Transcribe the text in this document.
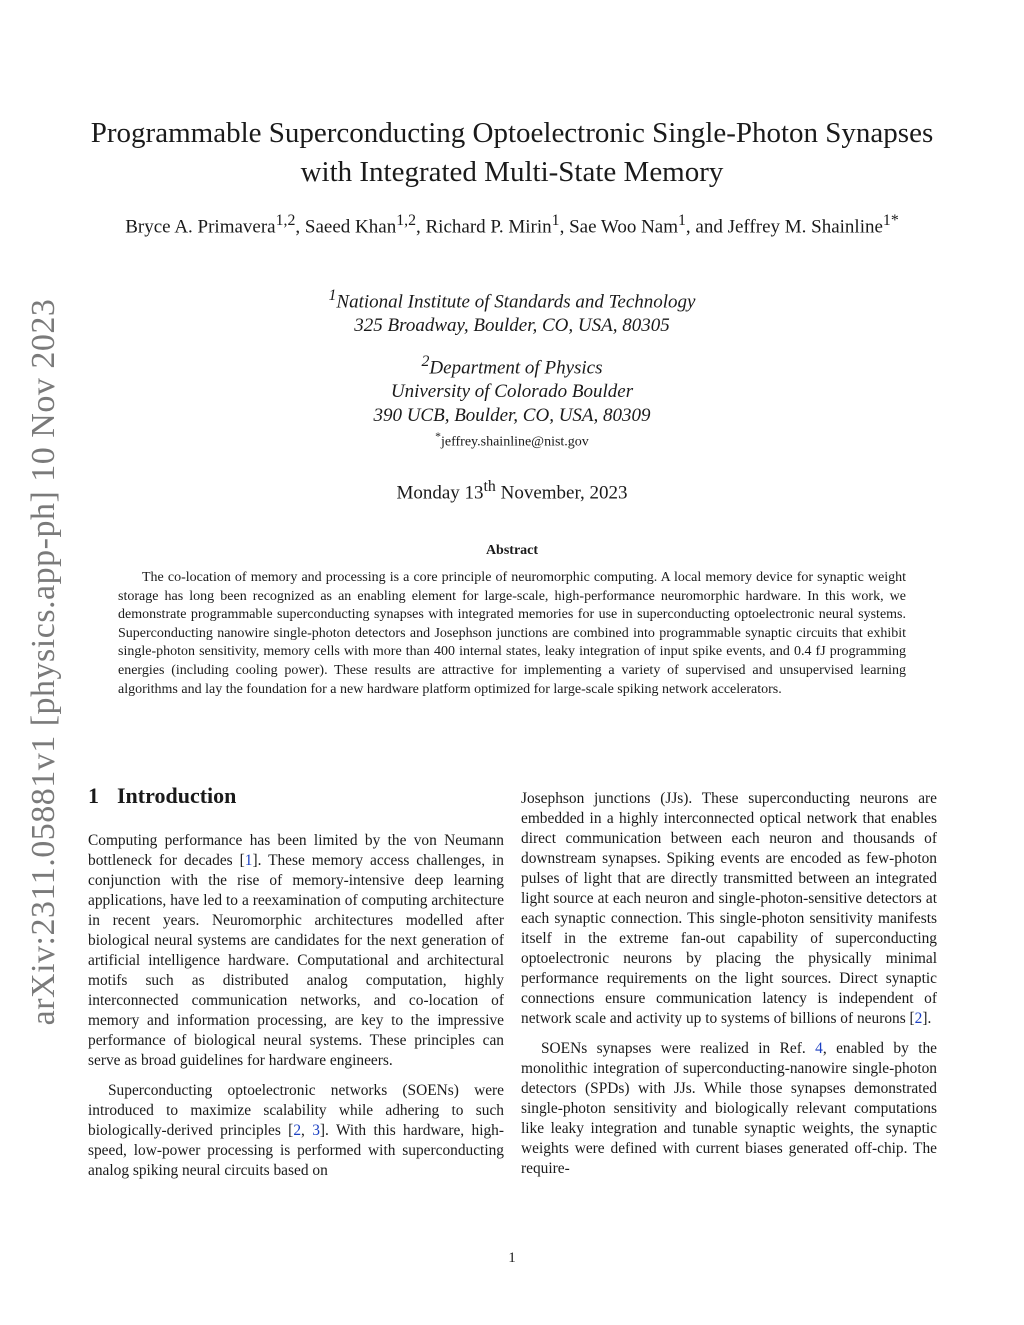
arXiv:2311.05881v1 [physics.app-ph] 10 Nov 2023
Programmable Superconducting Optoelectronic Single-Photon Synapses
with Integrated Multi-State Memory

Bryce A. Primavera$^{1,2}$, Saeed Khan$^{1,2}$, Richard P. Mirin$^1$, Sae Woo Nam$^1$, and Jeffrey M. Shainline$^{1*}$

$^1$National Institute of Standards and Technology
325 Broadway, Boulder, CO, USA, 80305

$^2$Department of Physics
University of Colorado Boulder
390 UCB, Boulder, CO, USA, 80309

*jeffrey.shainline@nist.gov

Monday 13th November, 2023

Abstract

The co-location of memory and processing is a core principle of neuromorphic computing. A local memory device for synaptic weight storage has long been recognized as an enabling element for large-scale, high-performance neuromorphic hardware. In this work, we demonstrate programmable superconducting synapses with integrated memories for use in superconducting optoelectronic neural systems. Superconducting nanowire single-photon detectors and Josephson junctions are combined into programmable synaptic circuits that exhibit single-photon sensitivity, memory cells with more than 400 internal states, leaky integration of input spike events, and 0.4 fJ programming energies (including cooling power). These results are attractive for implementing a variety of supervised and unsupervised learning algorithms and lay the foundation for a new hardware platform optimized for large-scale spiking network accelerators.

1 Introduction

Computing performance has been limited by the von Neumann bottleneck for decades [1]. These memory access challenges, in conjunction with the rise of memory-intensive deep learning applications, have led to a reexamination of computing architecture in recent years. Neuromorphic architectures modelled after biological neural systems are candidates for the next generation of artificial intelligence hardware. Computational and architectural motifs such as distributed analog computation, highly interconnected communication networks, and co-location of memory and information processing, are key to the impressive performance of biological neural systems. These principles can serve as broad guidelines for hardware engineers.

Superconducting optoelectronic networks (SOENs) were introduced to maximize scalability while adhering to such biologically-derived principles [2, 3]. With this hardware, high-speed, low-power processing is performed with superconducting analog spiking neural circuits based on

Josephson junctions (JJs). These superconducting neurons are embedded in a highly interconnected optical network that enables direct communication between each neuron and thousands of downstream synapses. Spiking events are encoded as few-photon pulses of light that are directly transmitted between an integrated light source at each neuron and single-photon-sensitive detectors at each synaptic connection. This single-photon sensitivity manifests itself in the extreme fan-out capability of superconducting optoelectronic neurons by placing the physically minimal performance requirements on the light sources. Direct synaptic connections ensure communication latency is independent of network scale and activity up to systems of billions of neurons [2].

SOENs synapses were realized in Ref. 4, enabled by the monolithic integration of superconducting-nanowire single-photon detectors (SPDs) with JJs. While those synapses demonstrated single-photon sensitivity and biologically relevant computations like leaky integration and tunable synaptic weights, the synaptic weights were defined with current biases generated off-chip. The require-

1
